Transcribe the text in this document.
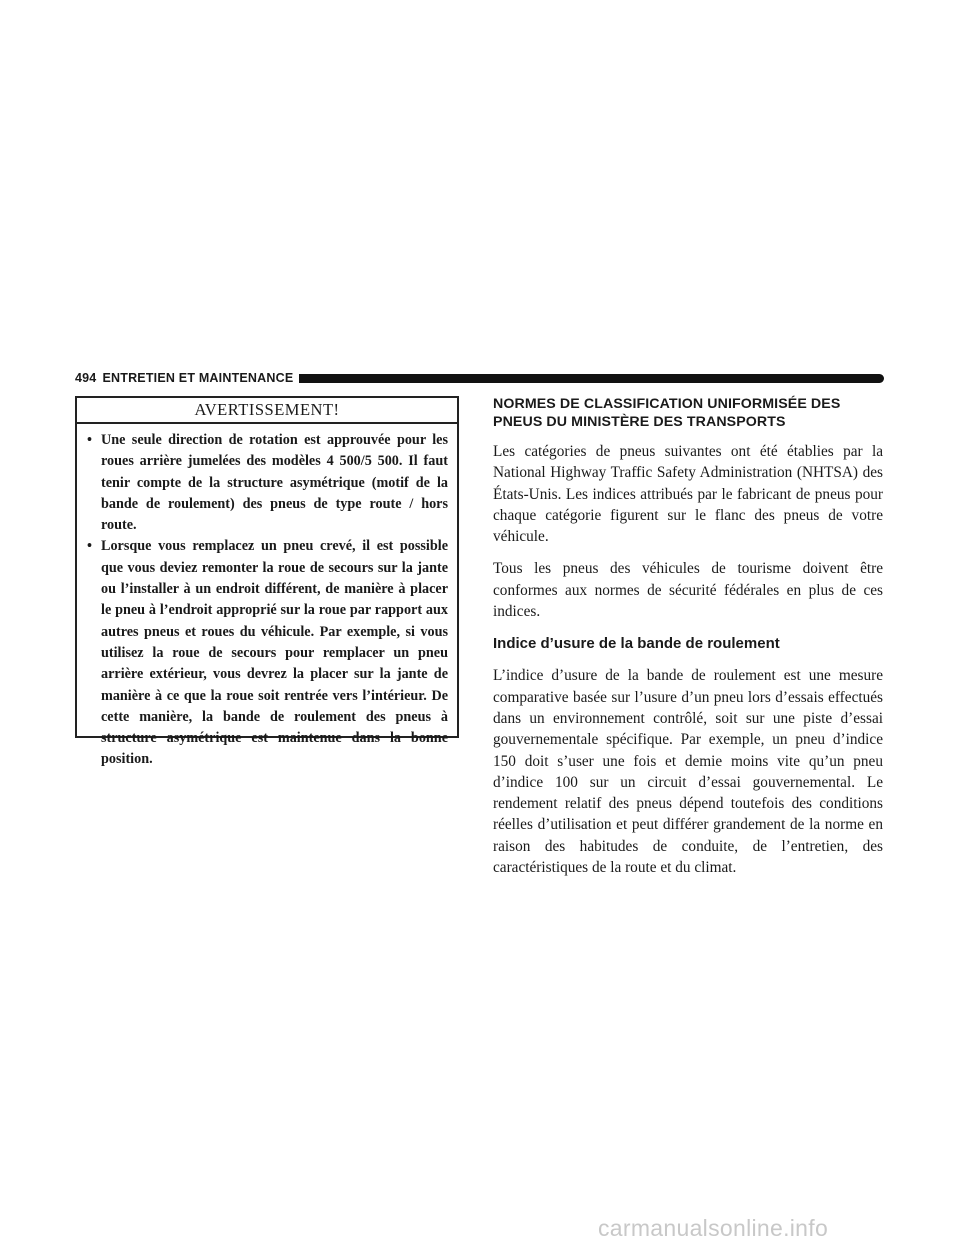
494 ENTRETIEN ET MAINTENANCE
AVERTISSEMENT!
• Une seule direction de rotation est approuvée pour les roues arrière jumelées des modèles 4 500/5 500. Il faut tenir compte de la structure asymétrique (motif de la bande de roulement) des pneus de type route / hors route.
• Lorsque vous remplacez un pneu crevé, il est possible que vous deviez remonter la roue de secours sur la jante ou l’installer à un endroit différent, de manière à placer le pneu à l’endroit approprié sur la roue par rapport aux autres pneus et roues du véhicule. Par exemple, si vous utilisez la roue de secours pour remplacer un pneu arrière extérieur, vous devrez la placer sur la jante de manière à ce que la roue soit rentrée vers l’intérieur. De cette manière, la bande de roulement des pneus à structure asymétrique est maintenue dans la bonne position.
NORMES DE CLASSIFICATION UNIFORMISÉE DES
PNEUS DU MINISTÈRE DES TRANSPORTS

Les catégories de pneus suivantes ont été établies par la National Highway Traffic Safety Administration (NHTSA) des États-Unis. Les indices attribués par le fabricant de pneus pour chaque catégorie figurent sur le flanc des pneus de votre véhicule.

Tous les pneus des véhicules de tourisme doivent être conformes aux normes de sécurité fédérales en plus de ces indices.

Indice d’usure de la bande de roulement

L’indice d’usure de la bande de roulement est une mesure comparative basée sur l’usure d’un pneu lors d’essais effectués dans un environnement contrôlé, soit sur une piste d’essai gouvernementale spécifique. Par exemple, un pneu d’indice 150 doit s’user une fois et demie moins vite qu’un pneu d’indice 100 sur un circuit d’essai gouvernemental. Le rendement relatif des pneus dépend toutefois des conditions réelles d’utilisation et peut différer grandement de la norme en raison des habitudes de conduite, de l’entretien, des caractéristiques de la route et du climat.

carmanualsonline.info
